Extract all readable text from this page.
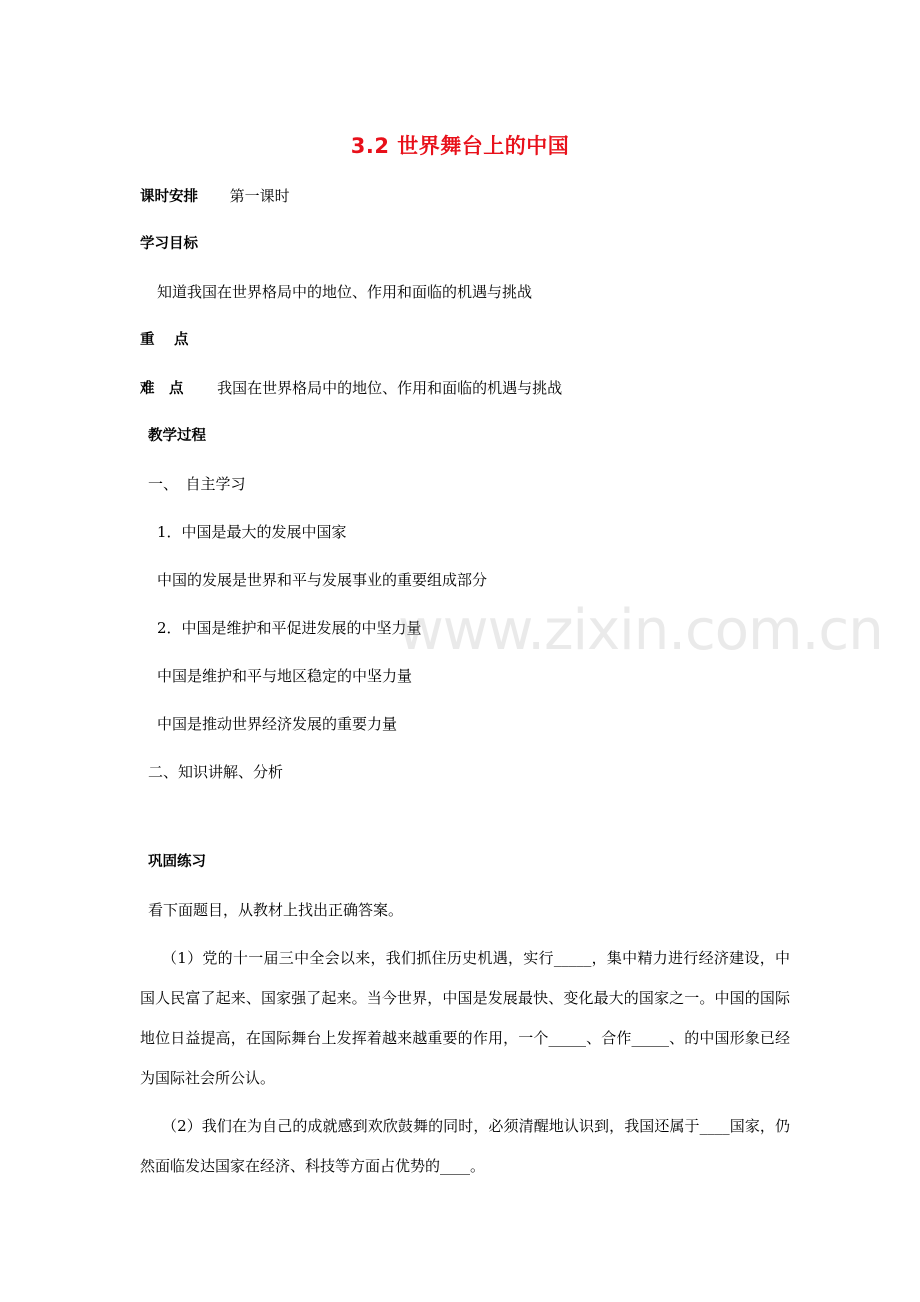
3.2 世界舞台上的中国
课时安排 第一课时
学习目标
知道我国在世界格局中的地位、作用和面临的机遇与挑战
重　 点
难　点 我国在世界格局中的地位、作用和面临的机遇与挑战
教学过程
一、　自主学习
1．中国是最大的发展中国家
中国的发展是世界和平与发展事业的重要组成部分
2．中国是维护和平促进发展的中坚力量
中国是维护和平与地区稳定的中坚力量
中国是推动世界经济发展的重要力量
二、知识讲解、分析
巩固练习
看下面题目，从教材上找出正确答案。
（1）党的十一届三中全会以来，我们抓住历史机遇，实行_____，集中精力进行经济建设，中国人民富了起来、国家强了起来。当今世界，中国是发展最快、变化最大的国家之一。中国的国际地位日益提高，在国际舞台上发挥着越来越重要的作用，一个_____、合作_____、的中国形象已经为国际社会所公认。
（2）我们在为自己的成就感到欢欣鼓舞的同时，必须清醒地认识到，我国还属于____国家，仍然面临发达国家在经济、科技等方面占优势的____。
www.zixin.com.cn
